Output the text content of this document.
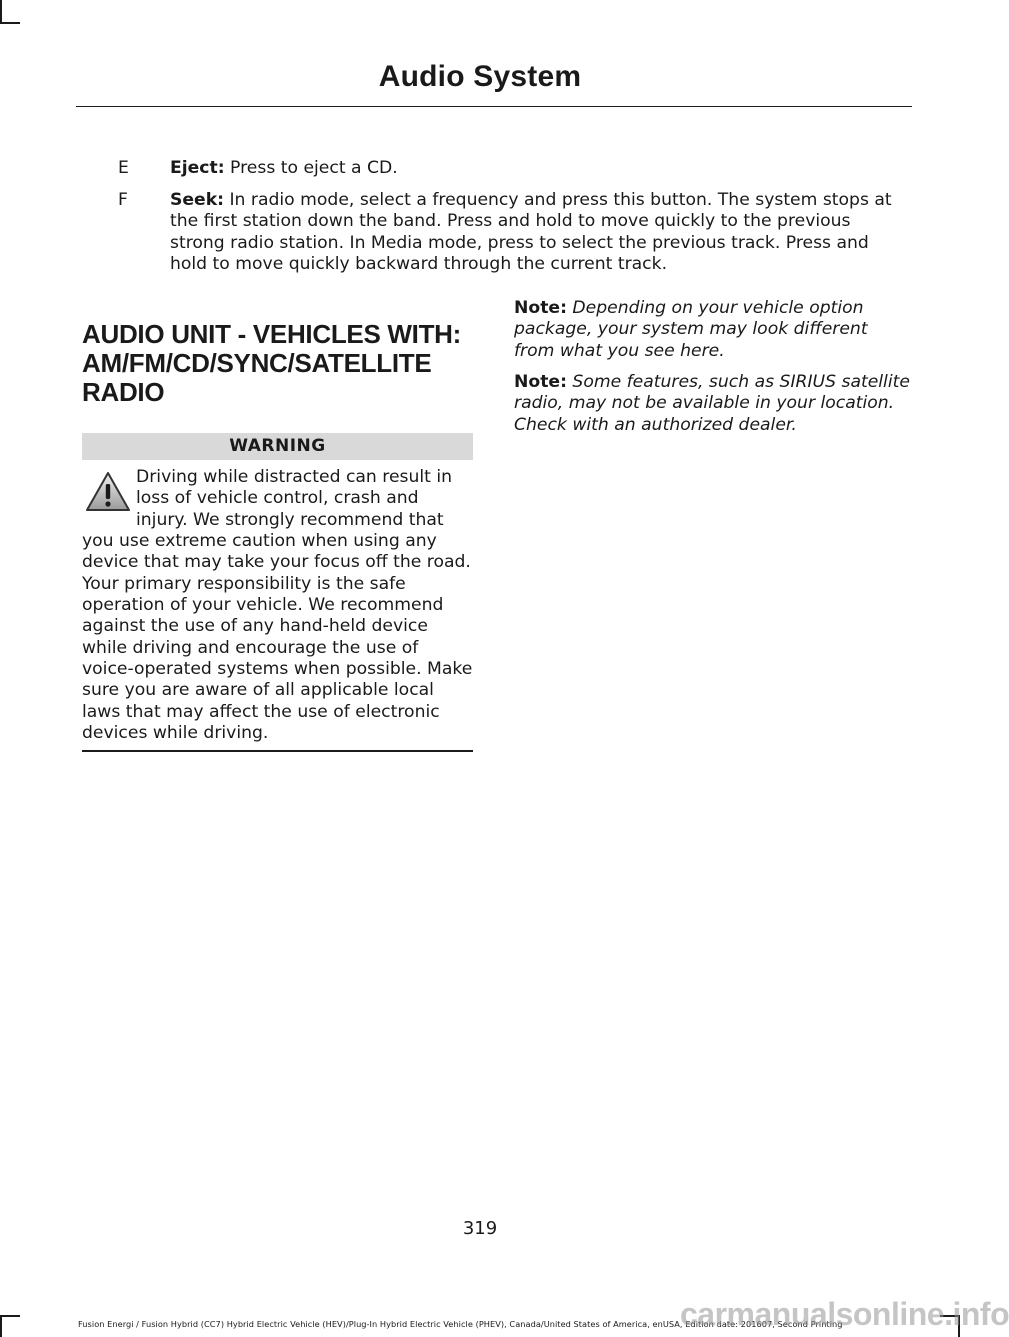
Audio System
E Eject: Press to eject a CD.
F Seek: In radio mode, select a frequency and press this button. The system stops at the first station down the band. Press and hold to move quickly to the previous strong radio station. In Media mode, press to select the previous track. Press and hold to move quickly backward through the current track.
AUDIO UNIT - VEHICLES WITH:
AM/FM/CD/SYNC/SATELLITE
RADIO
WARNING
Driving while distracted can result in loss of vehicle control, crash and injury. We strongly recommend that you use extreme caution when using any device that may take your focus off the road. Your primary responsibility is the safe operation of your vehicle. We recommend against the use of any hand-held device while driving and encourage the use of voice-operated systems when possible. Make sure you are aware of all applicable local laws that may affect the use of electronic devices while driving.
Note: Depending on your vehicle option package, your system may look different from what you see here.
Note: Some features, such as SIRIUS satellite radio, may not be available in your location. Check with an authorized dealer.
319
Fusion Energi / Fusion Hybrid (CC7) Hybrid Electric Vehicle (HEV)/Plug-In Hybrid Electric Vehicle (PHEV), Canada/United States of America, enUSA, Edition date: 201607, Second Printing
carmanualsonline.info
